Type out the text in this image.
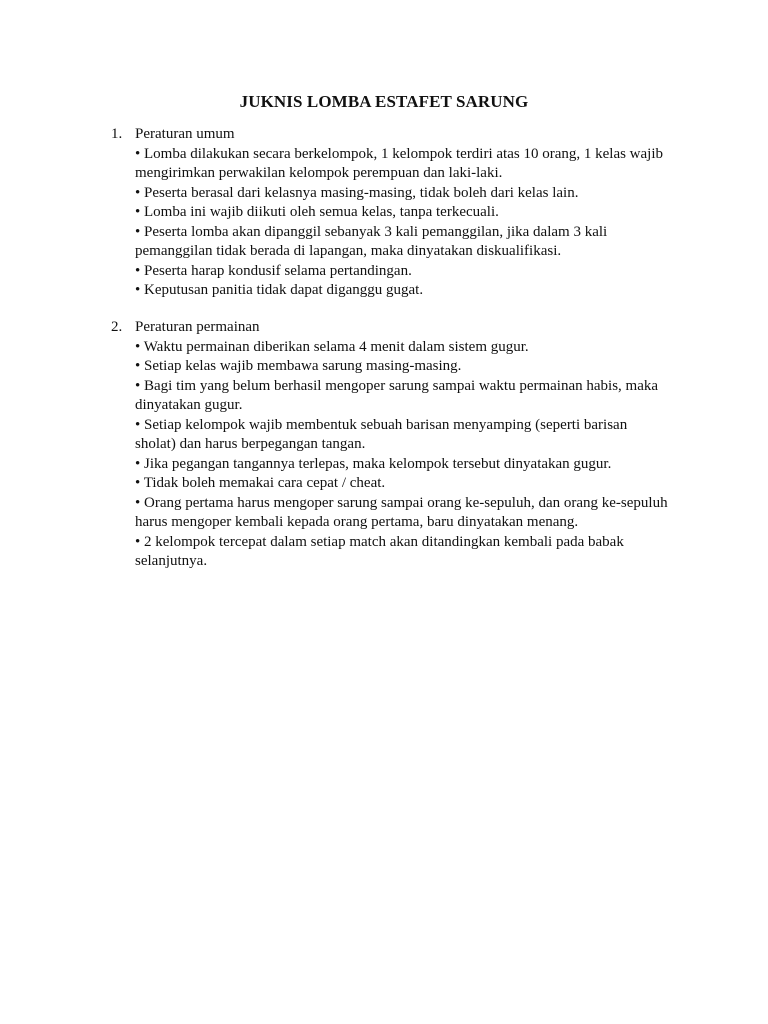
JUKNIS LOMBA ESTAFET SARUNG
1. Peraturan umum
• Lomba dilakukan secara berkelompok, 1 kelompok terdiri atas 10 orang, 1 kelas wajib mengirimkan perwakilan kelompok perempuan dan laki-laki.
• Peserta berasal dari kelasnya masing-masing, tidak boleh dari kelas lain.
• Lomba ini wajib diikuti oleh semua kelas, tanpa terkecuali.
• Peserta lomba akan dipanggil sebanyak 3 kali pemanggilan, jika dalam 3 kali pemanggilan tidak berada di lapangan, maka dinyatakan diskualifikasi.
• Peserta harap kondusif selama pertandingan.
• Keputusan panitia tidak dapat diganggu gugat.
2. Peraturan permainan
• Waktu permainan diberikan selama 4 menit dalam sistem gugur.
• Setiap kelas wajib membawa sarung masing-masing.
• Bagi tim yang belum berhasil mengoper sarung sampai waktu permainan habis, maka dinyatakan gugur.
• Setiap kelompok wajib membentuk sebuah barisan menyamping (seperti barisan sholat) dan harus berpegangan tangan.
• Jika pegangan tangannya terlepas, maka kelompok tersebut dinyatakan gugur.
• Tidak boleh memakai cara cepat / cheat.
• Orang pertama harus mengoper sarung sampai orang ke-sepuluh, dan orang ke-sepuluh harus mengoper kembali kepada orang pertama, baru dinyatakan menang.
• 2 kelompok tercepat dalam setiap match akan ditandingkan kembali pada babak selanjutnya.
